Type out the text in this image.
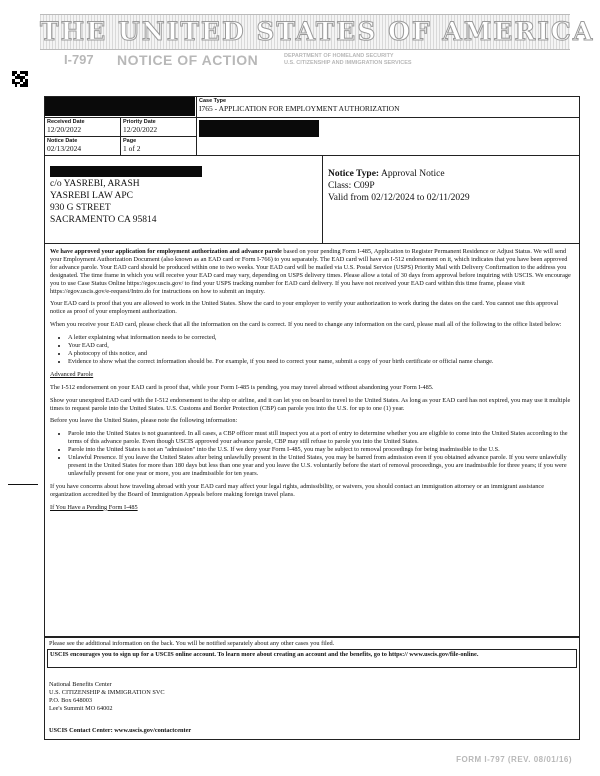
THE UNITED STATES OF AMERICA
I-797 NOTICE OF ACTION	DEPARTMENT OF HOMELAND SECURITY
U.S. CITIZENSHIP AND IMMIGRATION SERVICES
Case Type
I765 - APPLICATION FOR EMPLOYMENT AUTHORIZATION
Received Date
12/20/2022
Priority Date
12/20/2022
Notice Date
02/13/2024
Page
1 of 2
c/o YASREBI, ARASH
YASREBI LAW APC
930 G STREET
SACRAMENTO CA 95814
Notice Type: Approval Notice
Class: C09P
Valid from 02/12/2024 to 02/11/2029

We have approved your application for employment authorization and advance parole based on your pending Form I-485, Application to Register Permanent Residence or Adjust Status. We will send your Employment Authorization Document (also known as an EAD card or Form I-766) to you separately. The EAD card will have an I-512 endorsement on it, which indicates that you have been approved for advance parole. Your EAD card should be produced within one to two weeks. Your EAD card will be mailed via U.S. Postal Service (USPS) Priority Mail with Delivery Confirmation to the address you designated. The time frame in which you will receive your EAD card may vary, depending on USPS delivery times. Please allow a total of 30 days from approval before inquiring with USCIS. We encourage you to use Case Status Online https://egov.uscis.gov/ to find your USPS tracking number for EAD card delivery. If you have not received your EAD card within this time frame, please visit https://egov.uscis.gov/e-request/Intro.do for instructions on how to submit an inquiry.

Your EAD card is proof that you are allowed to work in the United States. Show the card to your employer to verify your authorization to work during the dates on the card. You cannot use this approval notice as proof of your employment authorization.

When you receive your EAD card, please check that all the information on the card is correct. If you need to change any information on the card, please mail all of the following to the office listed below:

• A letter explaining what information needs to be corrected,
• Your EAD card,
• A photocopy of this notice, and
• Evidence to show what the correct information should be. For example, if you need to correct your name, submit a copy of your birth certificate or official name change.

Advanced Parole

The I-512 endorsement on your EAD card is proof that, while your Form I-485 is pending, you may travel abroad without abandoning your Form I-485.

Show your unexpired EAD card with the I-512 endorsement to the ship or airline, and it can let you on board to travel to the United States. As long as your EAD card has not expired, you may use it multiple times to request parole into the United States. U.S. Customs and Border Protection (CBP) can parole you into the U.S. for up to one (1) year.

Before you leave the United States, please note the following information:

• Parole into the United States is not guaranteed. In all cases, a CBP officer must still inspect you at a port of entry to determine whether you are eligible to come into the United States according to the terms of this advance parole. Even though USCIS approved your advance parole, CBP may still refuse to parole you into the United States.
• Parole into the United States is not an "admission" into the U.S. If we deny your Form I-485, you may be subject to removal proceedings for being inadmissible to the U.S.
• Unlawful Presence. If you leave the United States after being unlawfully present in the United States, you may be barred from admission even if you obtained advance parole. If you were unlawfully present in the United States for more than 180 days but less than one year and you leave the U.S. voluntarily before the start of removal proceedings, you are inadmissible for three years; if you were unlawfully present for one year or more, you are inadmissible for ten years.

If you have concerns about how traveling abroad with your EAD card may affect your legal rights, admissibility, or waivers, you should contact an immigration attorney or an immigrant assistance organization accredited by the Board of Immigration Appeals before making foreign travel plans.

If You Have a Pending Form I-485

Please see the additional information on the back. You will be notified separately about any other cases you filed.
USCIS encourages you to sign up for a USCIS online account. To learn more about creating an account and the benefits, go to https:// www.uscis.gov/file-online.
National Benefits Center
U.S. CITIZENSHIP & IMMIGRATION SVC
P.O. Box 648003
Lee's Summit MO 64002
USCIS Contact Center: www.uscis.gov/contactcenter
FORM I-797 (REV. 08/01/16)
